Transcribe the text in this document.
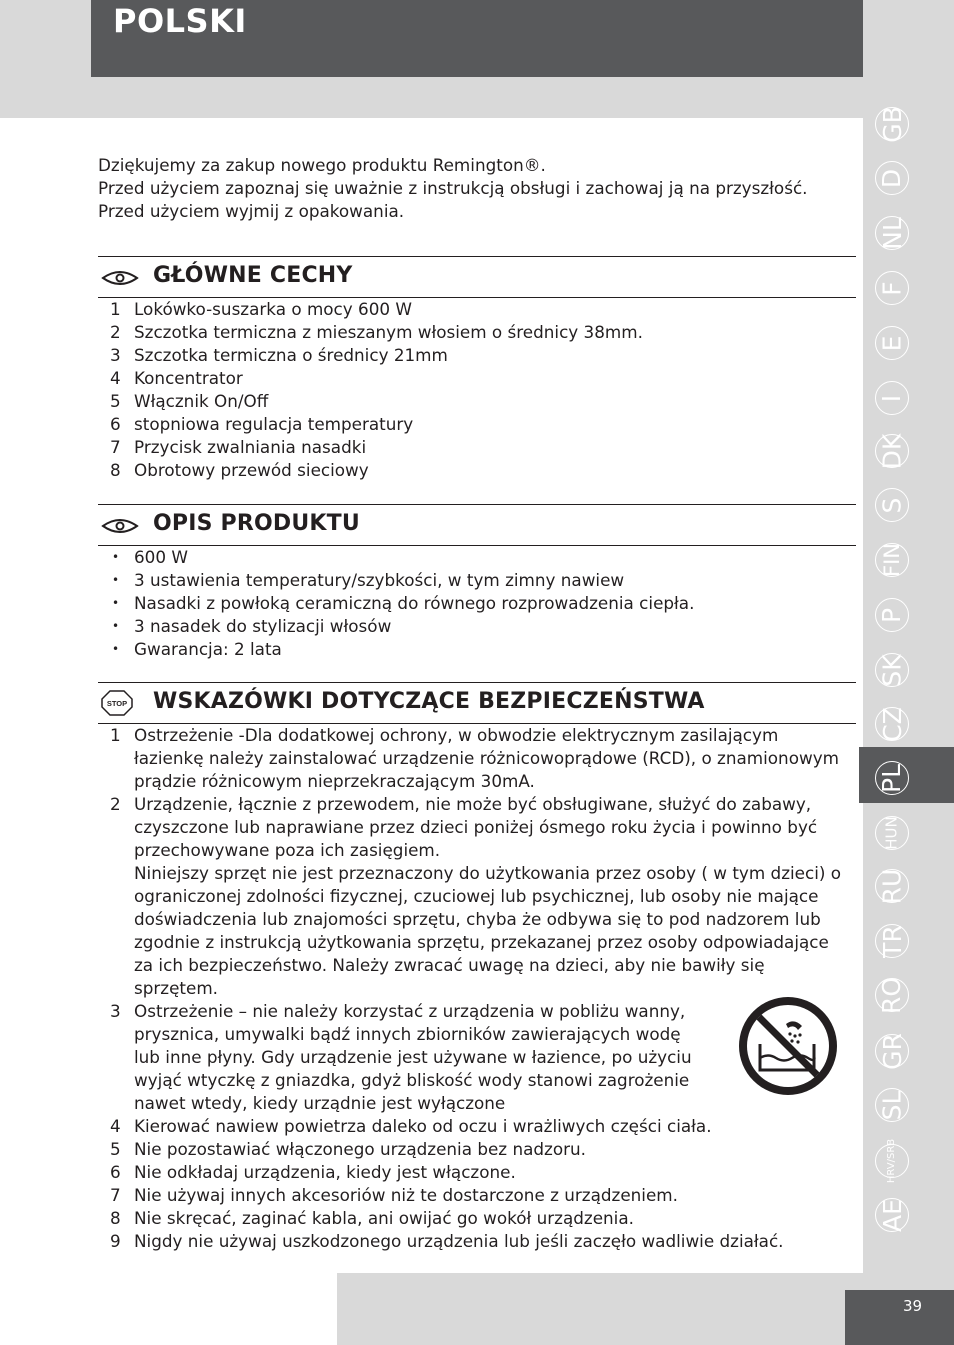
POLSKI
GB
D
NL
F
E
I
DK
S
FIN
P
SK
CZ
PL
HUN
RU
TR
RO
GR
SL
HRV/SRB
AE
39
Dziękujemy za zakup nowego produktu Remington®.
Przed użyciem zapoznaj się uważnie z instrukcją obsługi i zachowaj ją na przyszłość. Przed użyciem wyjmij z opakowania.
GŁÓWNE CECHY
1 Lokówko-suszarka o mocy 600 W
2 Szczotka termiczna z mieszanym włosiem o średnicy 38mm.
3 Szczotka termiczna o średnicy 21mm
4 Koncentrator
5 Włącznik On/Off
6 stopniowa regulacja temperatury
7 Przycisk zwalniania nasadki
8 Obrotowy przewód sieciowy
OPIS PRODUKTU
• 600 W
• 3 ustawienia temperatury/szybkości, w tym zimny nawiew
• Nasadki z powłoką ceramiczną do równego rozprowadzenia ciepła.
• 3 nasadek do stylizacji włosów
• Gwarancja: 2 lata
STOP WSKAZÓWKI DOTYCZĄCE BEZPIECZEŃSTWA
1 Ostrzeżenie -Dla dodatkowej ochrony, w obwodzie elektrycznym zasilającym łazienkę należy zainstalować urządzenie różnicowoprądowe (RCD), o znamionowym prądzie różnicowym nieprzekraczającym 30mA.
2 Urządzenie, łącznie z przewodem, nie może być obsługiwane, służyć do zabawy, czyszczone lub naprawiane przez dzieci poniżej ósmego roku życia i powinno być przechowywane poza ich zasięgiem.
Niniejszy sprzęt nie jest przeznaczony do użytkowania przez osoby ( w tym dzieci) o ograniczonej zdolności fizycznej, czuciowej lub psychicznej, lub osoby nie mające doświadczenia lub znajomości sprzętu, chyba że odbywa się to pod nadzorem lub zgodnie z instrukcją użytkowania sprzętu, przekazanej przez osoby odpowiadające za ich bezpieczeństwo. Należy zwracać uwagę na dzieci, aby nie bawiły się sprzętem.
3 Ostrzeżenie – nie należy korzystać z urządzenia w pobliżu wanny, prysznica, umywalki bądź innych zbiorników zawierających wodę lub inne płyny. Gdy urządzenie jest używane w łazience, po użyciu wyjąć wtyczkę z gniazdka, gdyż bliskość wody stanowi zagrożenie nawet wtedy, kiedy urządnie jest wyłączone
4 Kierować nawiew powietrza daleko od oczu i wrażliwych części ciała.
5 Nie pozostawiać włączonego urządzenia bez nadzoru.
6 Nie odkładaj urządzenia, kiedy jest włączone.
7 Nie używaj innych akcesoriów niż te dostarczone z urządzeniem.
8 Nie skręcać, zaginać kabla, ani owijać go wokół urządzenia.
9 Nigdy nie używaj uszkodzonego urządzenia lub jeśli zaczęło wadliwie działać.
